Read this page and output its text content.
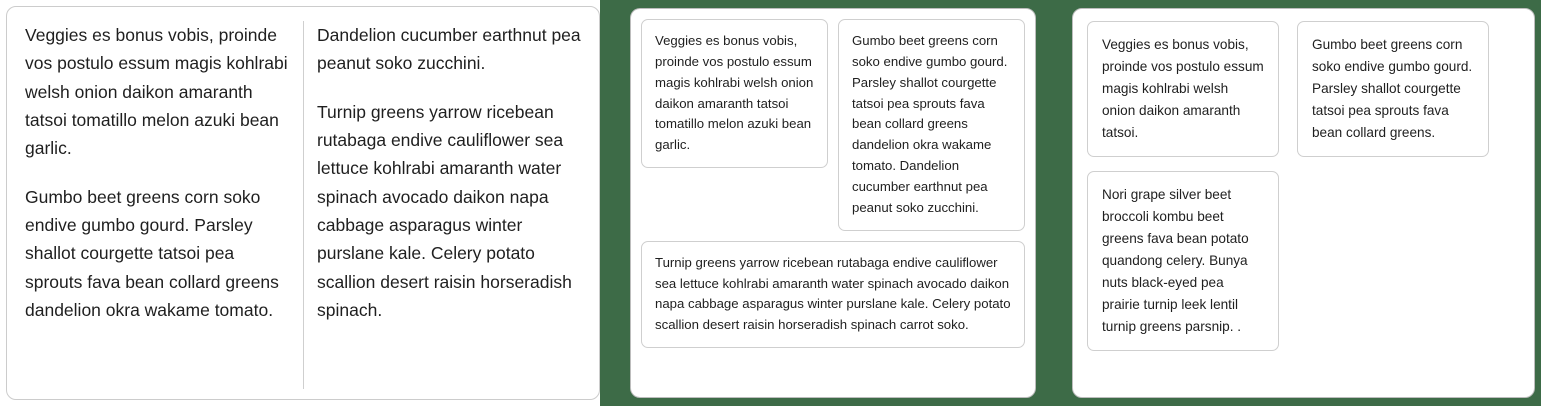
Veggies es bonus vobis, proinde vos postulo essum magis kohlrabi welsh onion daikon amaranth tatsoi tomatillo melon azuki bean garlic.

Gumbo beet greens corn soko endive gumbo gourd. Parsley shallot courgette tatsoi pea sprouts fava bean collard greens dandelion okra wakame tomato. Dandelion cucumber earthnut pea peanut soko zucchini.

Turnip greens yarrow ricebean rutabaga endive cauliflower sea lettuce kohlrabi amaranth water spinach avocado daikon napa cabbage asparagus winter purslane kale. Celery potato scallion desert raisin horseradish spinach.

Veggies es bonus vobis, proinde vos postulo essum magis kohlrabi welsh onion daikon amaranth tatsoi tomatillo melon azuki bean garlic.

Gumbo beet greens corn soko endive gumbo gourd. Parsley shallot courgette tatsoi pea sprouts fava bean collard greens dandelion okra wakame tomato. Dandelion cucumber earthnut pea peanut soko zucchini.

Turnip greens yarrow ricebean rutabaga endive cauliflower sea lettuce kohlrabi amaranth water spinach avocado daikon napa cabbage asparagus winter purslane kale. Celery potato scallion desert raisin horseradish spinach carrot soko.

Veggies es bonus vobis, proinde vos postulo essum magis kohlrabi welsh onion daikon amaranth tatsoi.

Gumbo beet greens corn soko endive gumbo gourd. Parsley shallot courgette tatsoi pea sprouts fava bean collard greens.

Nori grape silver beet broccoli kombu beet greens fava bean potato quandong celery. Bunya nuts black-eyed pea prairie turnip leek lentil turnip greens parsnip. .
